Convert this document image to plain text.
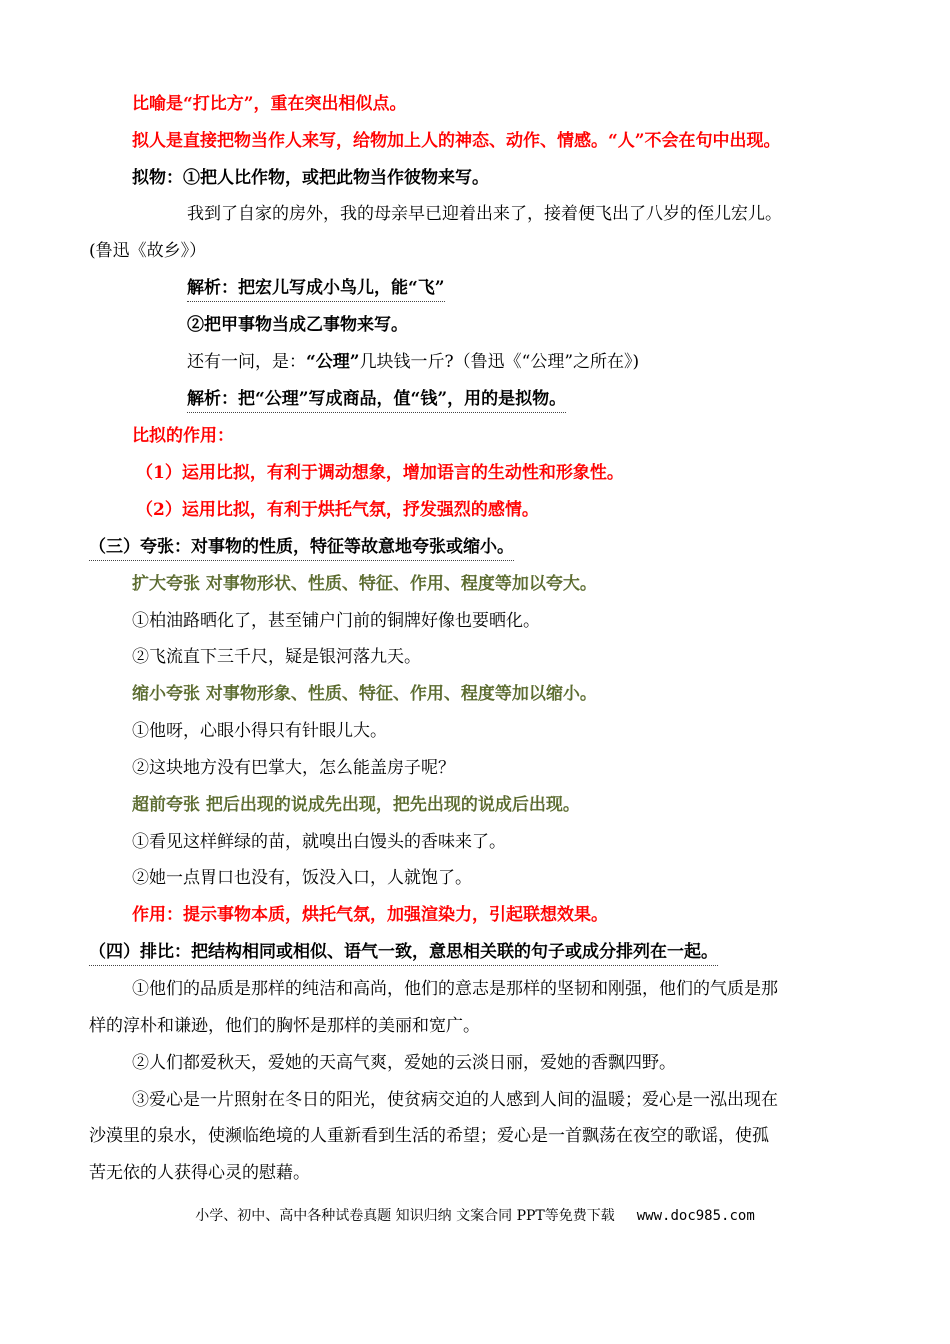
比喻是“打比方”，重在突出相似点。
拟人是直接把物当作人来写，给物加上人的神态、动作、情感。“人”不会在句中出现。
拟物：①把人比作物，或把此物当作彼物来写。
我到了自家的房外，我的母亲早已迎着出来了，接着便飞出了八岁的侄儿宏儿。
(鲁迅《故乡》）
解析：把宏儿写成小鸟儿，能“飞”
②把甲事物当成乙事物来写。
还有一问，是：“公理”几块钱一斤?（鲁迅《“公理”之所在》)
解析：把“公理”写成商品，值“钱”，用的是拟物。
比拟的作用：
（1）运用比拟，有利于调动想象，增加语言的生动性和形象性。
（2）运用比拟，有利于烘托气氛，抒发强烈的感情。
（三）夸张：对事物的性质，特征等故意地夸张或缩小。
扩大夸张 对事物形状、性质、特征、作用、程度等加以夸大。
①柏油路晒化了，甚至铺户门前的铜牌好像也要晒化。
②飞流直下三千尺，疑是银河落九天。
缩小夸张 对事物形象、性质、特征、作用、程度等加以缩小。
①他呀，心眼小得只有针眼儿大。
②这块地方没有巴掌大，怎么能盖房子呢？
超前夸张 把后出现的说成先出现，把先出现的说成后出现。
①看见这样鲜绿的苗，就嗅出白馒头的香味来了。
②她一点胃口也没有，饭没入口，人就饱了。
作用：提示事物本质，烘托气氛，加强渲染力，引起联想效果。
（四）排比：把结构相同或相似、语气一致，意思相关联的句子或成分排列在一起。
①他们的品质是那样的纯洁和高尚，他们的意志是那样的坚韧和刚强，他们的气质是那
样的淳朴和谦逊，他们的胸怀是那样的美丽和宽广。
②人们都爱秋天，爱她的天高气爽，爱她的云淡日丽，爱她的香飘四野。
③爱心是一片照射在冬日的阳光，使贫病交迫的人感到人间的温暖；爱心是一泓出现在
沙漠里的泉水，使濒临绝境的人重新看到生活的希望；爱心是一首飘荡在夜空的歌谣，使孤
苦无依的人获得心灵的慰藉。
小学、初中、高中各种试卷真题 知识归纳 文案合同 PPT等免费下载 www.doc985.com
